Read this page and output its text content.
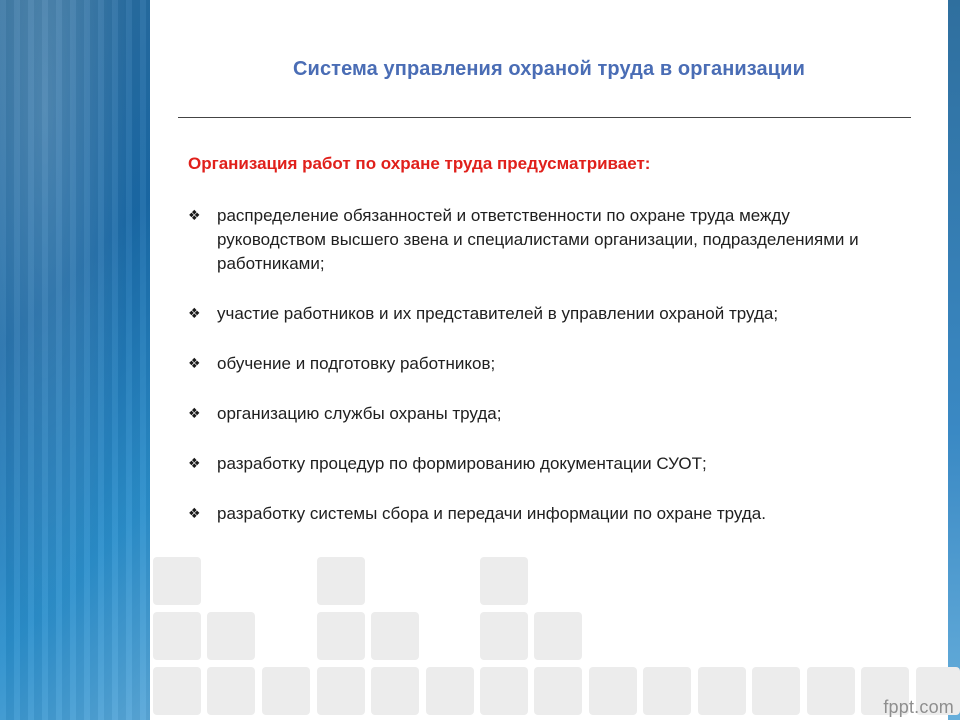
Система управления охраной труда в организации
Организация работ по охране труда предусматривает:
❖ распределение обязанностей и ответственности по охране труда между руководством высшего звена и специалистами организации, подразделениями и работниками;
❖ участие работников и их представителей в управлении охраной труда;
❖ обучение и подготовку работников;
❖ организацию службы охраны труда;
❖ разработку процедур по формированию документации СУОТ;
❖ разработку системы сбора и передачи информации по охране труда.
fppt.com
